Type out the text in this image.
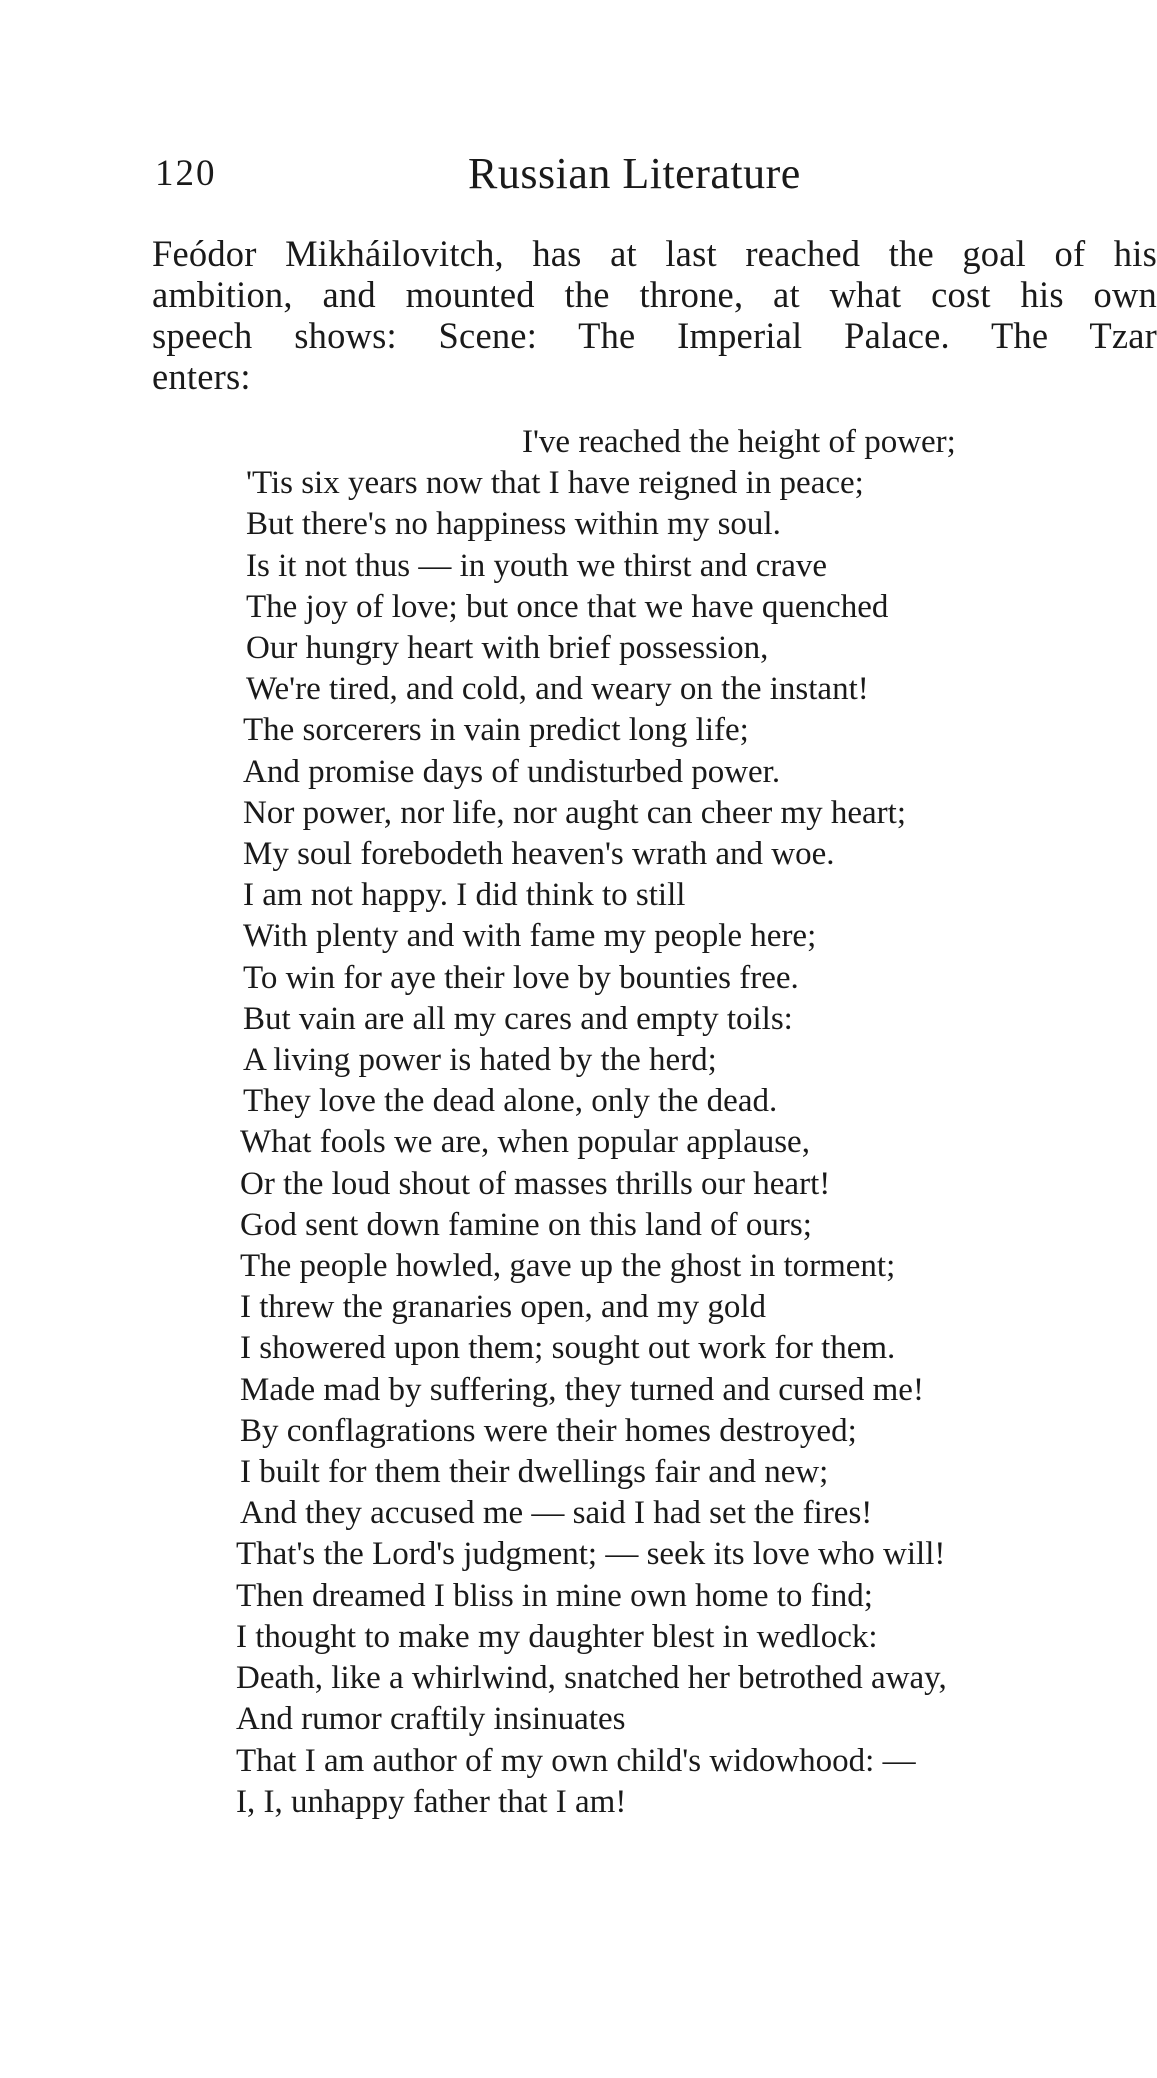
120	Russian Literature
Feódor Mikháilovitch, has at last reached the goal of his
ambition, and mounted the throne, at what cost his own
speech shows: Scene: The Imperial Palace. The Tzar
enters:
I've reached the height of power;
'Tis six years now that I have reigned in peace;
But there's no happiness within my soul.
Is it not thus — in youth we thirst and crave
The joy of love; but once that we have quenched
Our hungry heart with brief possession,
We're tired, and cold, and weary on the instant!
The sorcerers in vain predict long life;
And promise days of undisturbed power.
Nor power, nor life, nor aught can cheer my heart;
My soul forebodeth heaven's wrath and woe.
I am not happy. I did think to still
With plenty and with fame my people here;
To win for aye their love by bounties free.
But vain are all my cares and empty toils:
A living power is hated by the herd;
They love the dead alone, only the dead.
What fools we are, when popular applause,
Or the loud shout of masses thrills our heart!
God sent down famine on this land of ours;
The people howled, gave up the ghost in torment;
I threw the granaries open, and my gold
I showered upon them; sought out work for them.
Made mad by suffering, they turned and cursed me!
By conflagrations were their homes destroyed;
I built for them their dwellings fair and new;
And they accused me — said I had set the fires!
That's the Lord's judgment; — seek its love who will!
Then dreamed I bliss in mine own home to find;
I thought to make my daughter blest in wedlock:
Death, like a whirlwind, snatched her betrothed away,
And rumor craftily insinuates
That I am author of my own child's widowhood: —
I, I, unhappy father that I am!
